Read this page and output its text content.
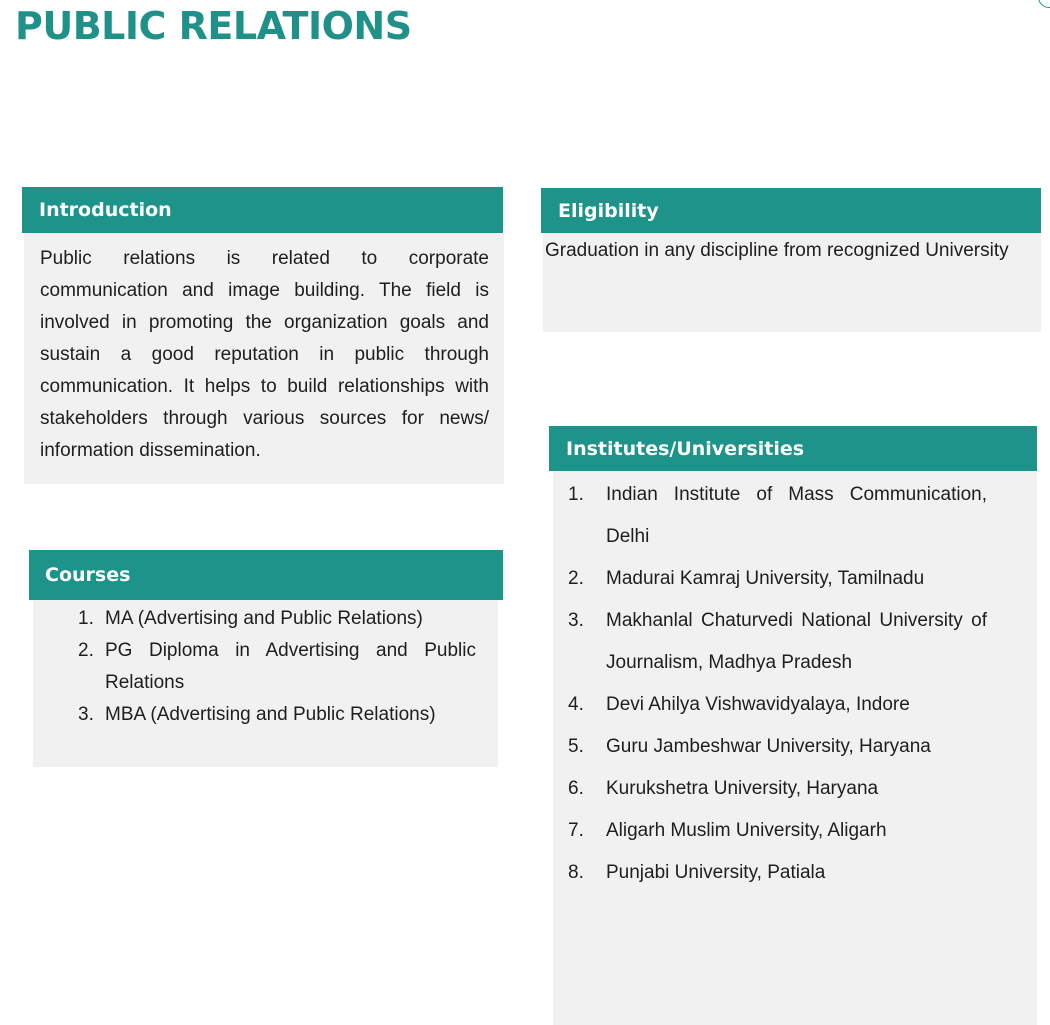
PUBLIC RELATIONS
Introduction

Public relations is related to corporate communication and image building. The field is involved in promoting the organization goals and sustain a good reputation in public through communication. It helps to build relationships with stakeholders through various sources for news/ information dissemination.

Eligibility

Graduation in any discipline from recognized University

Courses
1. MA (Advertising and Public Relations)
2. PG Diploma in Advertising and Public Relations
3. MBA (Advertising and Public Relations)
Institutes/Universities
1. Indian Institute of Mass Communication, Delhi
2. Madurai Kamraj University, Tamilnadu
3. Makhanlal Chaturvedi National University of Journalism, Madhya Pradesh
4. Devi Ahilya Vishwavidyalaya, Indore
5. Guru Jambeshwar University, Haryana
6. Kurukshetra University, Haryana
7. Aligarh Muslim University, Aligarh
8. Punjabi University, Patiala
